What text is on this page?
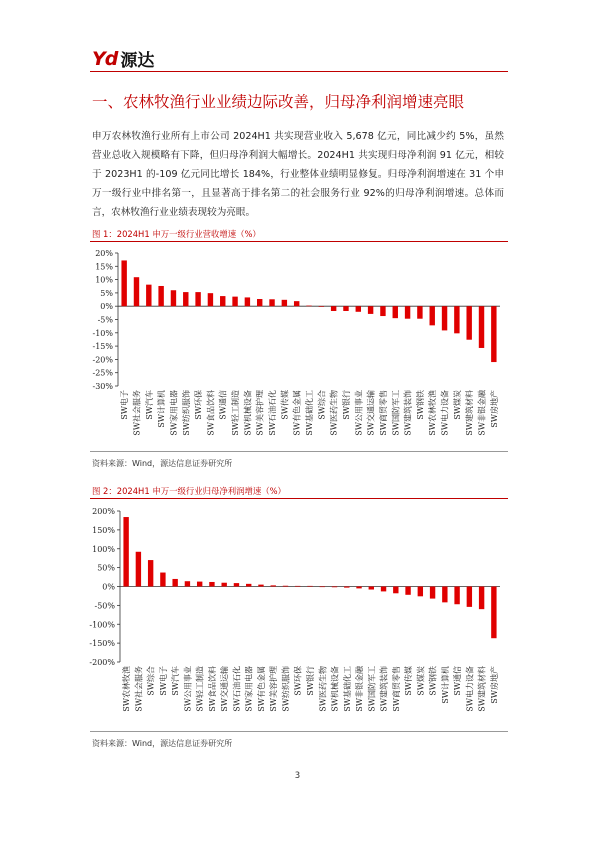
Yd 源达
一、农林牧渔行业业绩边际改善，归母净利润增速亮眼
申万农林牧渔行业所有上市公司 2024H1 共实现营业收入 5,678 亿元，同比减少约 5%，虽然营业总收入规模略有下降，但归母净利润大幅增长。2024H1 共实现归母净利润 91 亿元，相较于 2023H1 的-109 亿元同比增长 184%，行业整体业绩明显修复。归母净利润增速在 31 个申万一级行业中排名第一，且显著高于排名第二的社会服务行业 92%的归母净利润增速。总体而言，农林牧渔行业业绩表现较为亮眼。
图 1：2024H1 申万一级行业营收增速（%）
20%
15%
10%
5%
0%
-5%
-10%
-15%
-20%
-25%
-30%
SW电子 SW社会服务 SW汽车 SW计算机 SW家用电器 SW纺织服饰 SW环保 SW食品饮料 SW通信 SW轻工制造 SW机械设备 SW美容护理 SW石油石化 SW传媒 SW有色金属 SW基础化工 SW综合 SW医药生物 SW银行 SW公用事业 SW交通运输 SW商贸零售 SW国防军工 SW建筑装饰 SW钢铁 SW农林牧渔 SW电力设备 SW煤炭 SW建筑材料 SW非银金融 SW房地产
资料来源：Wind，源达信息证券研究所
图 2：2024H1 申万一级行业归母净利润增速（%）
200%
150%
100%
50%
0%
-50%
-100%
-150%
-200%
SW农林牧渔 SW社会服务 SW综合 SW电子 SW汽车 SW公用事业 SW轻工制造 SW食品饮料 SW交通运输 SW石油石化 SW家用电器 SW有色金属 SW美容护理 SW纺织服饰 SW环保 SW银行 SW医药生物 SW机械设备 SW基础化工 SW非银金融 SW国防军工 SW建筑装饰 SW商贸零售 SW传媒 SW煤炭 SW钢铁 SW计算机 SW通信 SW电力设备 SW建筑材料 SW房地产
资料来源：Wind，源达信息证券研究所
3
